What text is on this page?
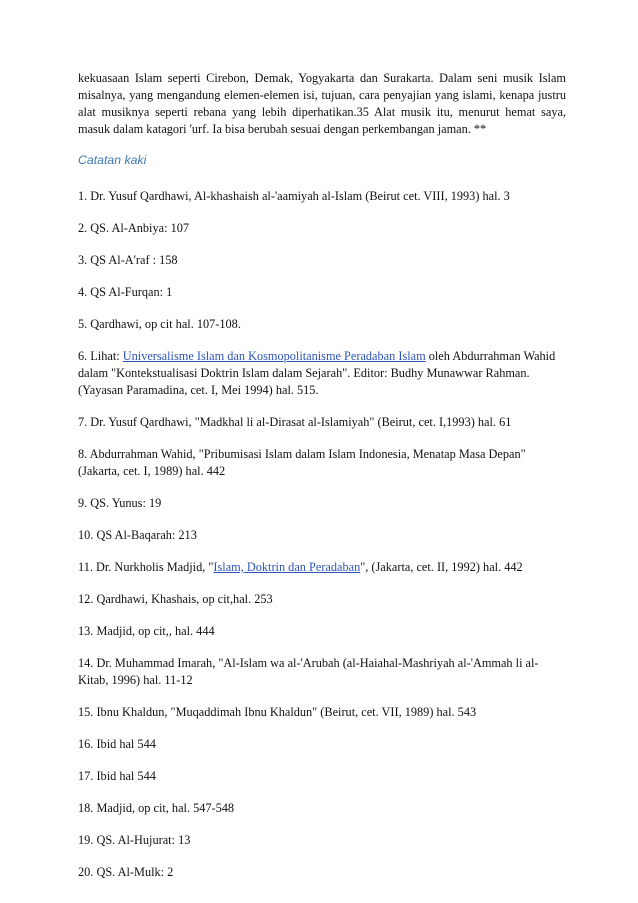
kekuasaan Islam seperti Cirebon, Demak, Yogyakarta dan Surakarta. Dalam seni musik Islam misalnya, yang mengandung elemen-elemen isi, tujuan, cara penyajian yang islami, kenapa justru alat musiknya seperti rebana yang lebih diperhatikan.35 Alat musik itu, menurut hemat saya, masuk dalam katagori 'urf. Ia bisa berubah sesuai dengan perkembangan jaman. **

Catatan kaki

1. Dr. Yusuf Qardhawi, Al-khashaish al-'aamiyah al-Islam (Beirut cet. VIII, 1993) hal. 3

2. QS. Al-Anbiya: 107

3. QS Al-A'raf : 158

4. QS Al-Furqan: 1

5. Qardhawi, op cit hal. 107-108.

6. Lihat: Universalisme Islam dan Kosmopolitanisme Peradaban Islam oleh Abdurrahman Wahid dalam "Kontekstualisasi Doktrin Islam dalam Sejarah". Editor: Budhy Munawwar Rahman. (Yayasan Paramadina, cet. I, Mei 1994) hal. 515.

7. Dr. Yusuf Qardhawi, "Madkhal li al-Dirasat al-Islamiyah" (Beirut, cet. I,1993) hal. 61

8. Abdurrahman Wahid, "Pribumisasi Islam dalam Islam Indonesia, Menatap Masa Depan" (Jakarta, cet. I, 1989) hal. 442

9. QS. Yunus: 19

10. QS Al-Baqarah: 213

11. Dr. Nurkholis Madjid, "Islam, Doktrin dan Peradaban", (Jakarta, cet. II, 1992) hal. 442

12. Qardhawi, Khashais, op cit,hal. 253

13. Madjid, op cit,, hal. 444

14. Dr. Muhammad Imarah, "Al-Islam wa al-'Arubah (al-Haiahal-Mashriyah al-'Ammah li al-Kitab, 1996) hal. 11-12

15. Ibnu Khaldun, "Muqaddimah Ibnu Khaldun" (Beirut, cet. VII, 1989) hal. 543

16. Ibid hal 544

17. Ibid hal 544

18. Madjid, op cit, hal. 547-548

19. QS. Al-Hujurat: 13

20. QS. Al-Mulk: 2
